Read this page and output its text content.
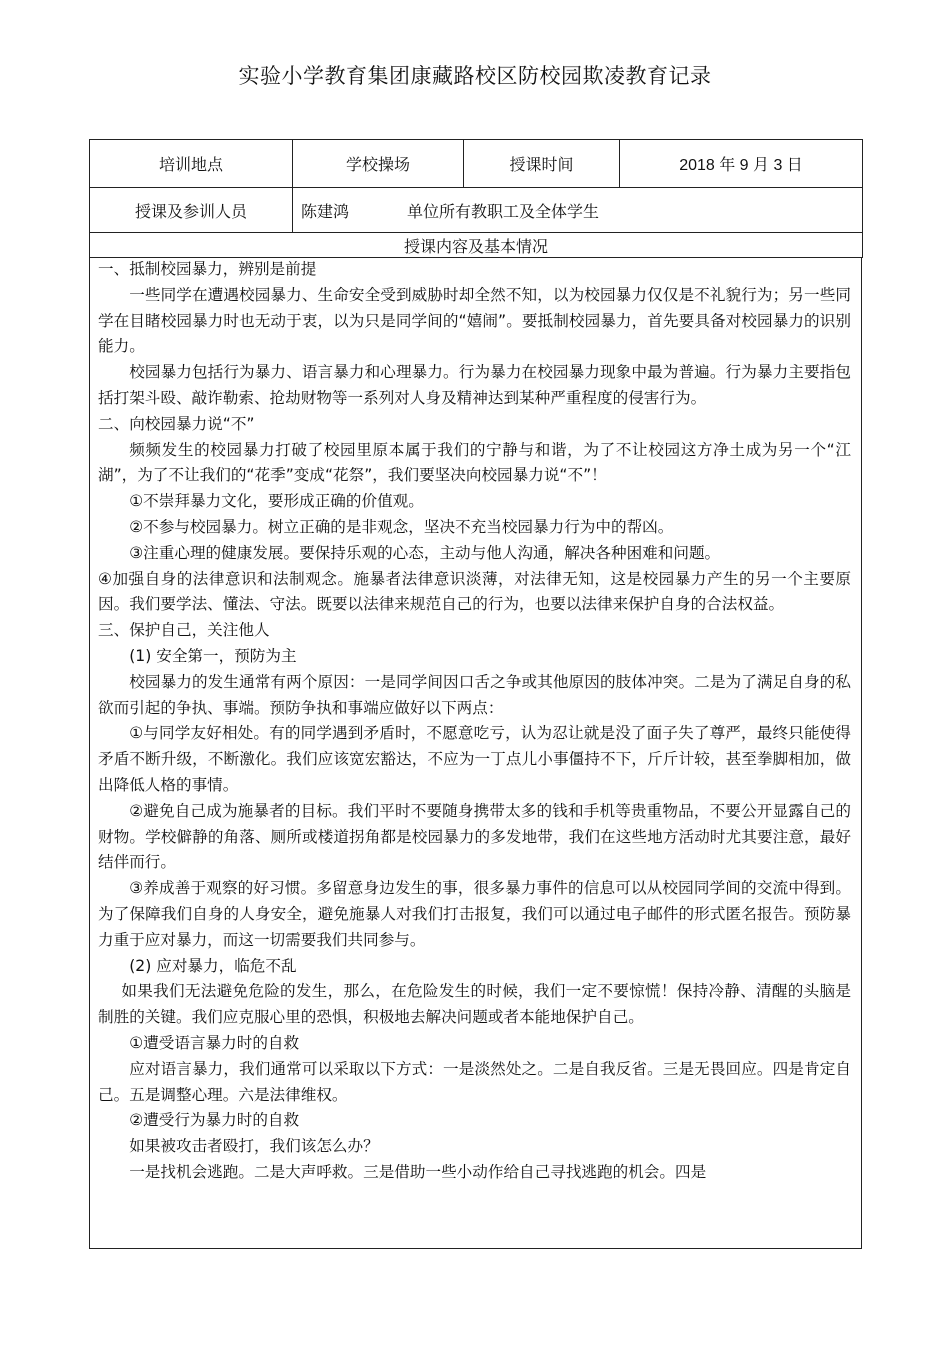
实验小学教育集团康藏路校区防校园欺凌教育记录
培训地点	学校操场	授课时间	2018 年 9 月 3 日
授课及参训人员	陈建鸿 单位所有教职工及全体学生		
授课内容及基本情况			

一、抵制校园暴力，辨别是前提

一些同学在遭遇校园暴力、生命安全受到威胁时却全然不知，以为校园暴力仅仅是不礼貌行为；另一些同学在目睹校园暴力时也无动于衷，以为只是同学间的“嬉闹”。要抵制校园暴力，首先要具备对校园暴力的识别能力。

校园暴力包括行为暴力、语言暴力和心理暴力。行为暴力在校园暴力现象中最为普遍。行为暴力主要指包括打架斗殴、敲诈勒索、抢劫财物等一系列对人身及精神达到某种严重程度的侵害行为。

二、向校园暴力说“不”

频频发生的校园暴力打破了校园里原本属于我们的宁静与和谐，为了不让校园这方净土成为另一个“江湖”，为了不让我们的“花季”变成“花祭”，我们要坚决向校园暴力说“不”！

①不崇拜暴力文化，要形成正确的价值观。

②不参与校园暴力。树立正确的是非观念，坚决不充当校园暴力行为中的帮凶。

③注重心理的健康发展。要保持乐观的心态，主动与他人沟通，解决各种困难和问题。

④加强自身的法律意识和法制观念。施暴者法律意识淡薄，对法律无知，这是校园暴力产生的另一个主要原因。我们要学法、懂法、守法。既要以法律来规范自己的行为，也要以法律来保护自身的合法权益。

三、保护自己，关注他人

(1) 安全第一，预防为主

校园暴力的发生通常有两个原因：一是同学间因口舌之争或其他原因的肢体冲突。二是为了满足自身的私欲而引起的争执、事端。预防争执和事端应做好以下两点：

①与同学友好相处。有的同学遇到矛盾时，不愿意吃亏，认为忍让就是没了面子失了尊严，最终只能使得矛盾不断升级，不断激化。我们应该宽宏豁达，不应为一丁点儿小事僵持不下，斤斤计较，甚至拳脚相加，做出降低人格的事情。

②避免自己成为施暴者的目标。我们平时不要随身携带太多的钱和手机等贵重物品，不要公开显露自己的财物。学校僻静的角落、厕所或楼道拐角都是校园暴力的多发地带，我们在这些地方活动时尤其要注意，最好结伴而行。

③养成善于观察的好习惯。多留意身边发生的事，很多暴力事件的信息可以从校园同学间的交流中得到。为了保障我们自身的人身安全，避免施暴人对我们打击报复，我们可以通过电子邮件的形式匿名报告。预防暴力重于应对暴力，而这一切需要我们共同参与。

(2) 应对暴力，临危不乱

如果我们无法避免危险的发生，那么，在危险发生的时候，我们一定不要惊慌！保持冷静、清醒的头脑是制胜的关键。我们应克服心里的恐惧，积极地去解决问题或者本能地保护自己。

①遭受语言暴力时的自救

应对语言暴力，我们通常可以采取以下方式：一是淡然处之。二是自我反省。三是无畏回应。四是肯定自己。五是调整心理。六是法律维权。

②遭受行为暴力时的自救

如果被攻击者殴打，我们该怎么办？

一是找机会逃跑。二是大声呼救。三是借助一些小动作给自己寻找逃跑的机会。四是
